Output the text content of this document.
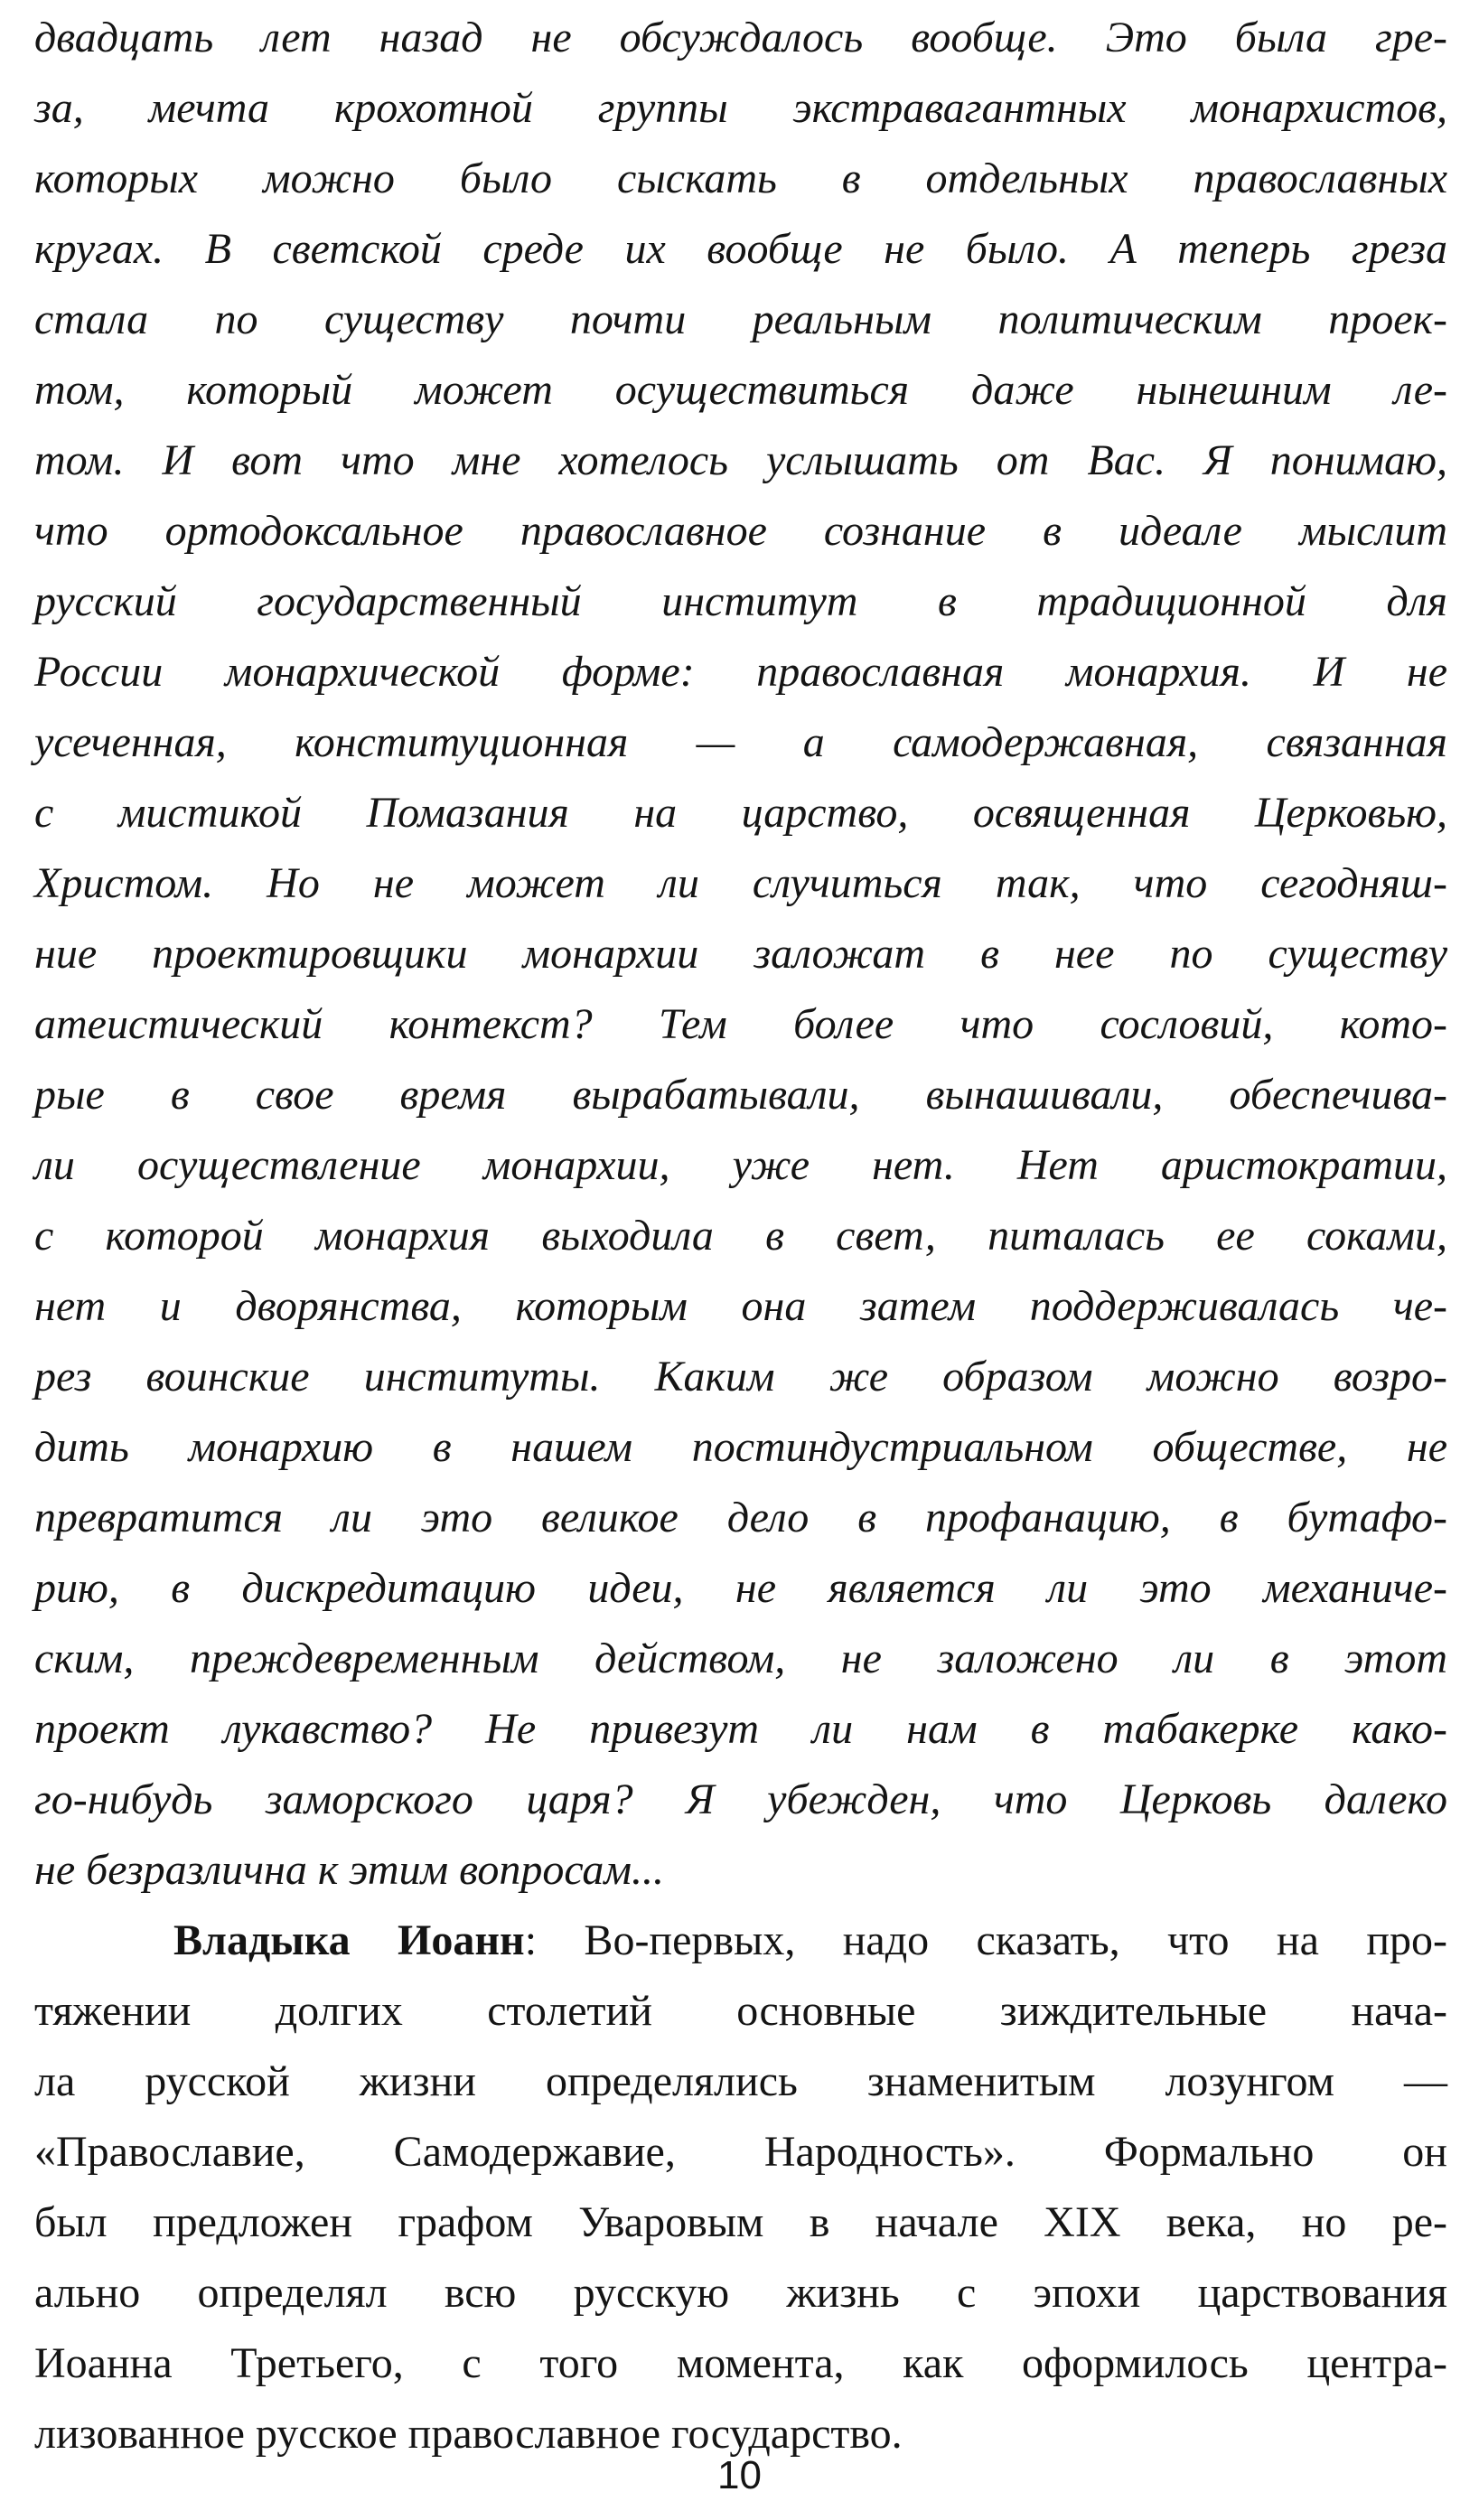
двадцать лет назад не обсуждалось вообще. Это была гре-
за, мечта крохотной группы экстравагантных монархистов,
которых можно было сыскать в отдельных православных
кругах. В светской среде их вообще не было. А теперь греза
стала по существу почти реальным политическим проек-
том, который может осуществиться даже нынешним ле-
том. И вот что мне хотелось услышать от Вас. Я понимаю,
что ортодоксальное православное сознание в идеале мыслит
русский государственный институт в традиционной для
России монархической форме: православная монархия. И не
усеченная, конституционная — а самодержавная, связанная
с мистикой Помазания на царство, освященная Церковью,
Христом. Но не может ли случиться так, что сегодняш-
ние проектировщики монархии заложат в нее по существу
атеистический контекст? Тем более что сословий, кото-
рые в свое время вырабатывали, вынашивали, обеспечива-
ли осуществление монархии, уже нет. Нет аристократии,
с которой монархия выходила в свет, питалась ее соками,
нет и дворянства, которым она затем поддерживалась че-
рез воинские институты. Каким же образом можно возро-
дить монархию в нашем постиндустриальном обществе, не
превратится ли это великое дело в профанацию, в бутафо-
рию, в дискредитацию идеи, не является ли это механиче-
ским, преждевременным действом, не заложено ли в этот
проект лукавство? Не привезут ли нам в табакерке како-
го-нибудь заморского царя? Я убежден, что Церковь далеко
не безразлична к этим вопросам...
Владыка Иоанн: Во-первых, надо сказать, что на про-
тяжении долгих столетий основные зиждительные нача-
ла русской жизни определялись знаменитым лозунгом —
«Православие, Самодержавие, Народность». Формально он
был предложен графом Уваровым в начале XIX века, но ре-
ально определял всю русскую жизнь с эпохи царствования
Иоанна Третьего, с того момента, как оформилось центра-
лизованное русское православное государство.
10
